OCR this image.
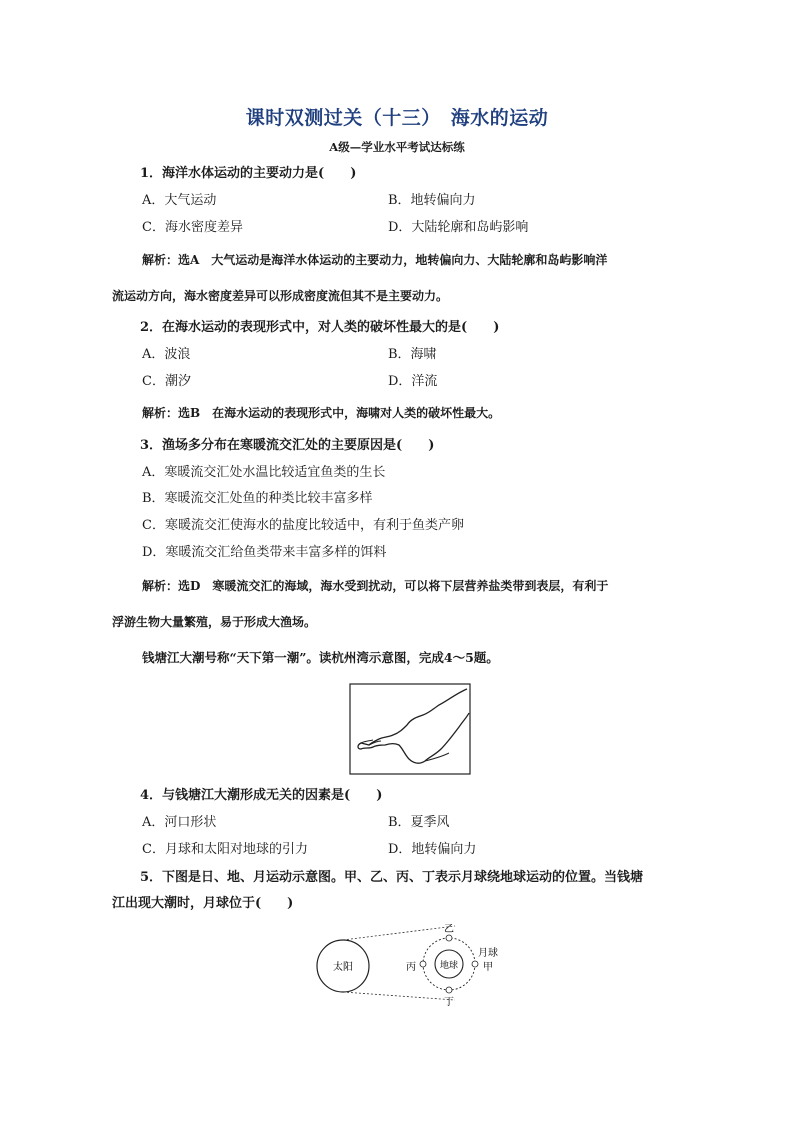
课时双测过关（十三）　海水的运动
A级—学业水平考试达标练
1．海洋水体运动的主要动力是(　　)
A．大气运动	B．地转偏向力
C．海水密度差异	D．大陆轮廓和岛屿影响
解析：选A　大气运动是海洋水体运动的主要动力，地转偏向力、大陆轮廓和岛屿影响洋
流运动方向，海水密度差异可以形成密度流但其不是主要动力。
2．在海水运动的表现形式中，对人类的破坏性最大的是(　　)
A．波浪	B．海啸
C．潮汐	D．洋流
解析：选B　在海水运动的表现形式中，海啸对人类的破坏性最大。
3．渔场多分布在寒暖流交汇处的主要原因是(　　)
A．寒暖流交汇处水温比较适宜鱼类的生长
B．寒暖流交汇处鱼的种类比较丰富多样
C．寒暖流交汇使海水的盐度比较适中，有利于鱼类产卵
D．寒暖流交汇给鱼类带来丰富多样的饵料
解析：选D　寒暖流交汇的海域，海水受到扰动，可以将下层营养盐类带到表层，有利于
浮游生物大量繁殖，易于形成大渔场。
钱塘江大潮号称“天下第一潮”。读杭州湾示意图，完成4～5题。
4．与钱塘江大潮形成无关的因素是(　　)
A．河口形状	B．夏季风
C．月球和太阳对地球的引力	D．地转偏向力
5．下图是日、地、月运动示意图。甲、乙、丙、丁表示月球绕地球运动的位置。当钱塘
江出现大潮时，月球位于(　　)
太阳	地球
乙
甲
丙
丁
月球
